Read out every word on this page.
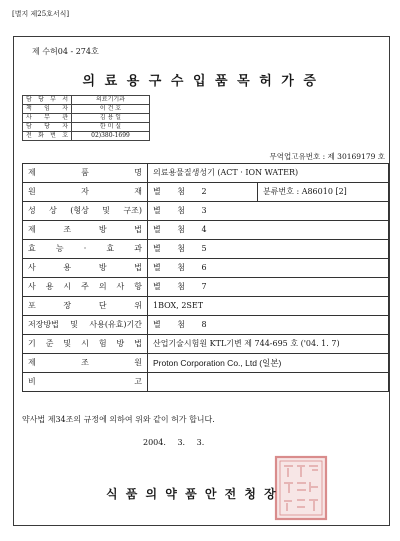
[별지 제25호서식]
제 수허04 - 274호
의 료 용 구 수 입 품 목 허 가 증
담 당 부 서	의료기기과
책 임 자	이 건 호
사 무 관	김 용 일
담 당 자	한 미 실
전 화 번 호	02)380-1699
무역업고유번호 : 제 30169179 호
제 품 명	의료용물질생성기 (ACT · ION WATER)	
원 자 재	별 첨 2	분류번호 : A86010 [2]
성 상 (형상 및 구조)	별 첨 3	
제 조 방 법	별 첨 4	
효 능 · 효 과	별 첨 5	
사 용 방 법	별 첨 6	
사 용 시 주 의 사 항	별 첨 7	
포 장 단 위	1BOX, 2SET	
저장방법 및 사용(유효)기간	별 첨 8	
기 준 및 시 험 방 법	산업기술시험원 KTL기변 제 744-695 호 ('04. 1. 7)	
제 조 원	Proton Corporation Co., Ltd (일본)	
비 고		
약사법 제34조의 규정에 의하여 위와 같이 허가 합니다.
2004. 3. 3.
식 품 의 약 품 안 전 청 장
